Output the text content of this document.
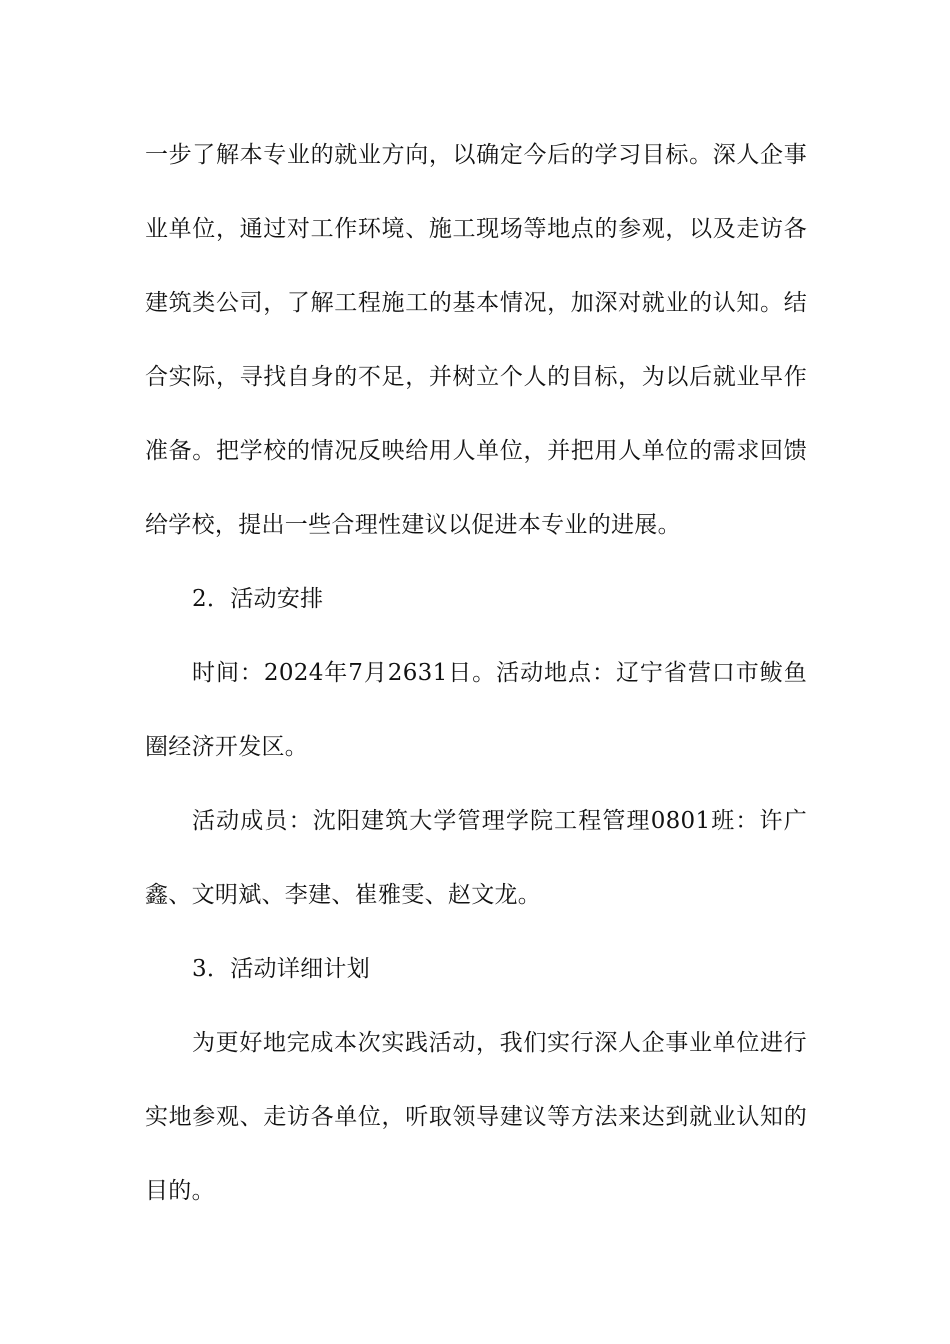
一步了解本专业的就业方向，以确定今后的学习目标。深人企事业单位，通过对工作环境、施工现场等地点的参观，以及走访各建筑类公司，了解工程施工的基本情况，加深对就业的认知。结合实际，寻找自身的不足，并树立个人的目标，为以后就业早作准备。把学校的情况反映给用人单位，并把用人单位的需求回馈给学校，提出一些合理性建议以促进本专业的进展。

2．活动安排

时间：2024年7月2631日。活动地点：辽宁省营口市鲅鱼圈经济开发区。

活动成员：沈阳建筑大学管理学院工程管理0801班：许广鑫、文明斌、李建、崔雅雯、赵文龙。

3．活动详细计划

为更好地完成本次实践活动，我们实行深人企事业单位进行实地参观、走访各单位，听取领导建议等方法来达到就业认知的目的。
